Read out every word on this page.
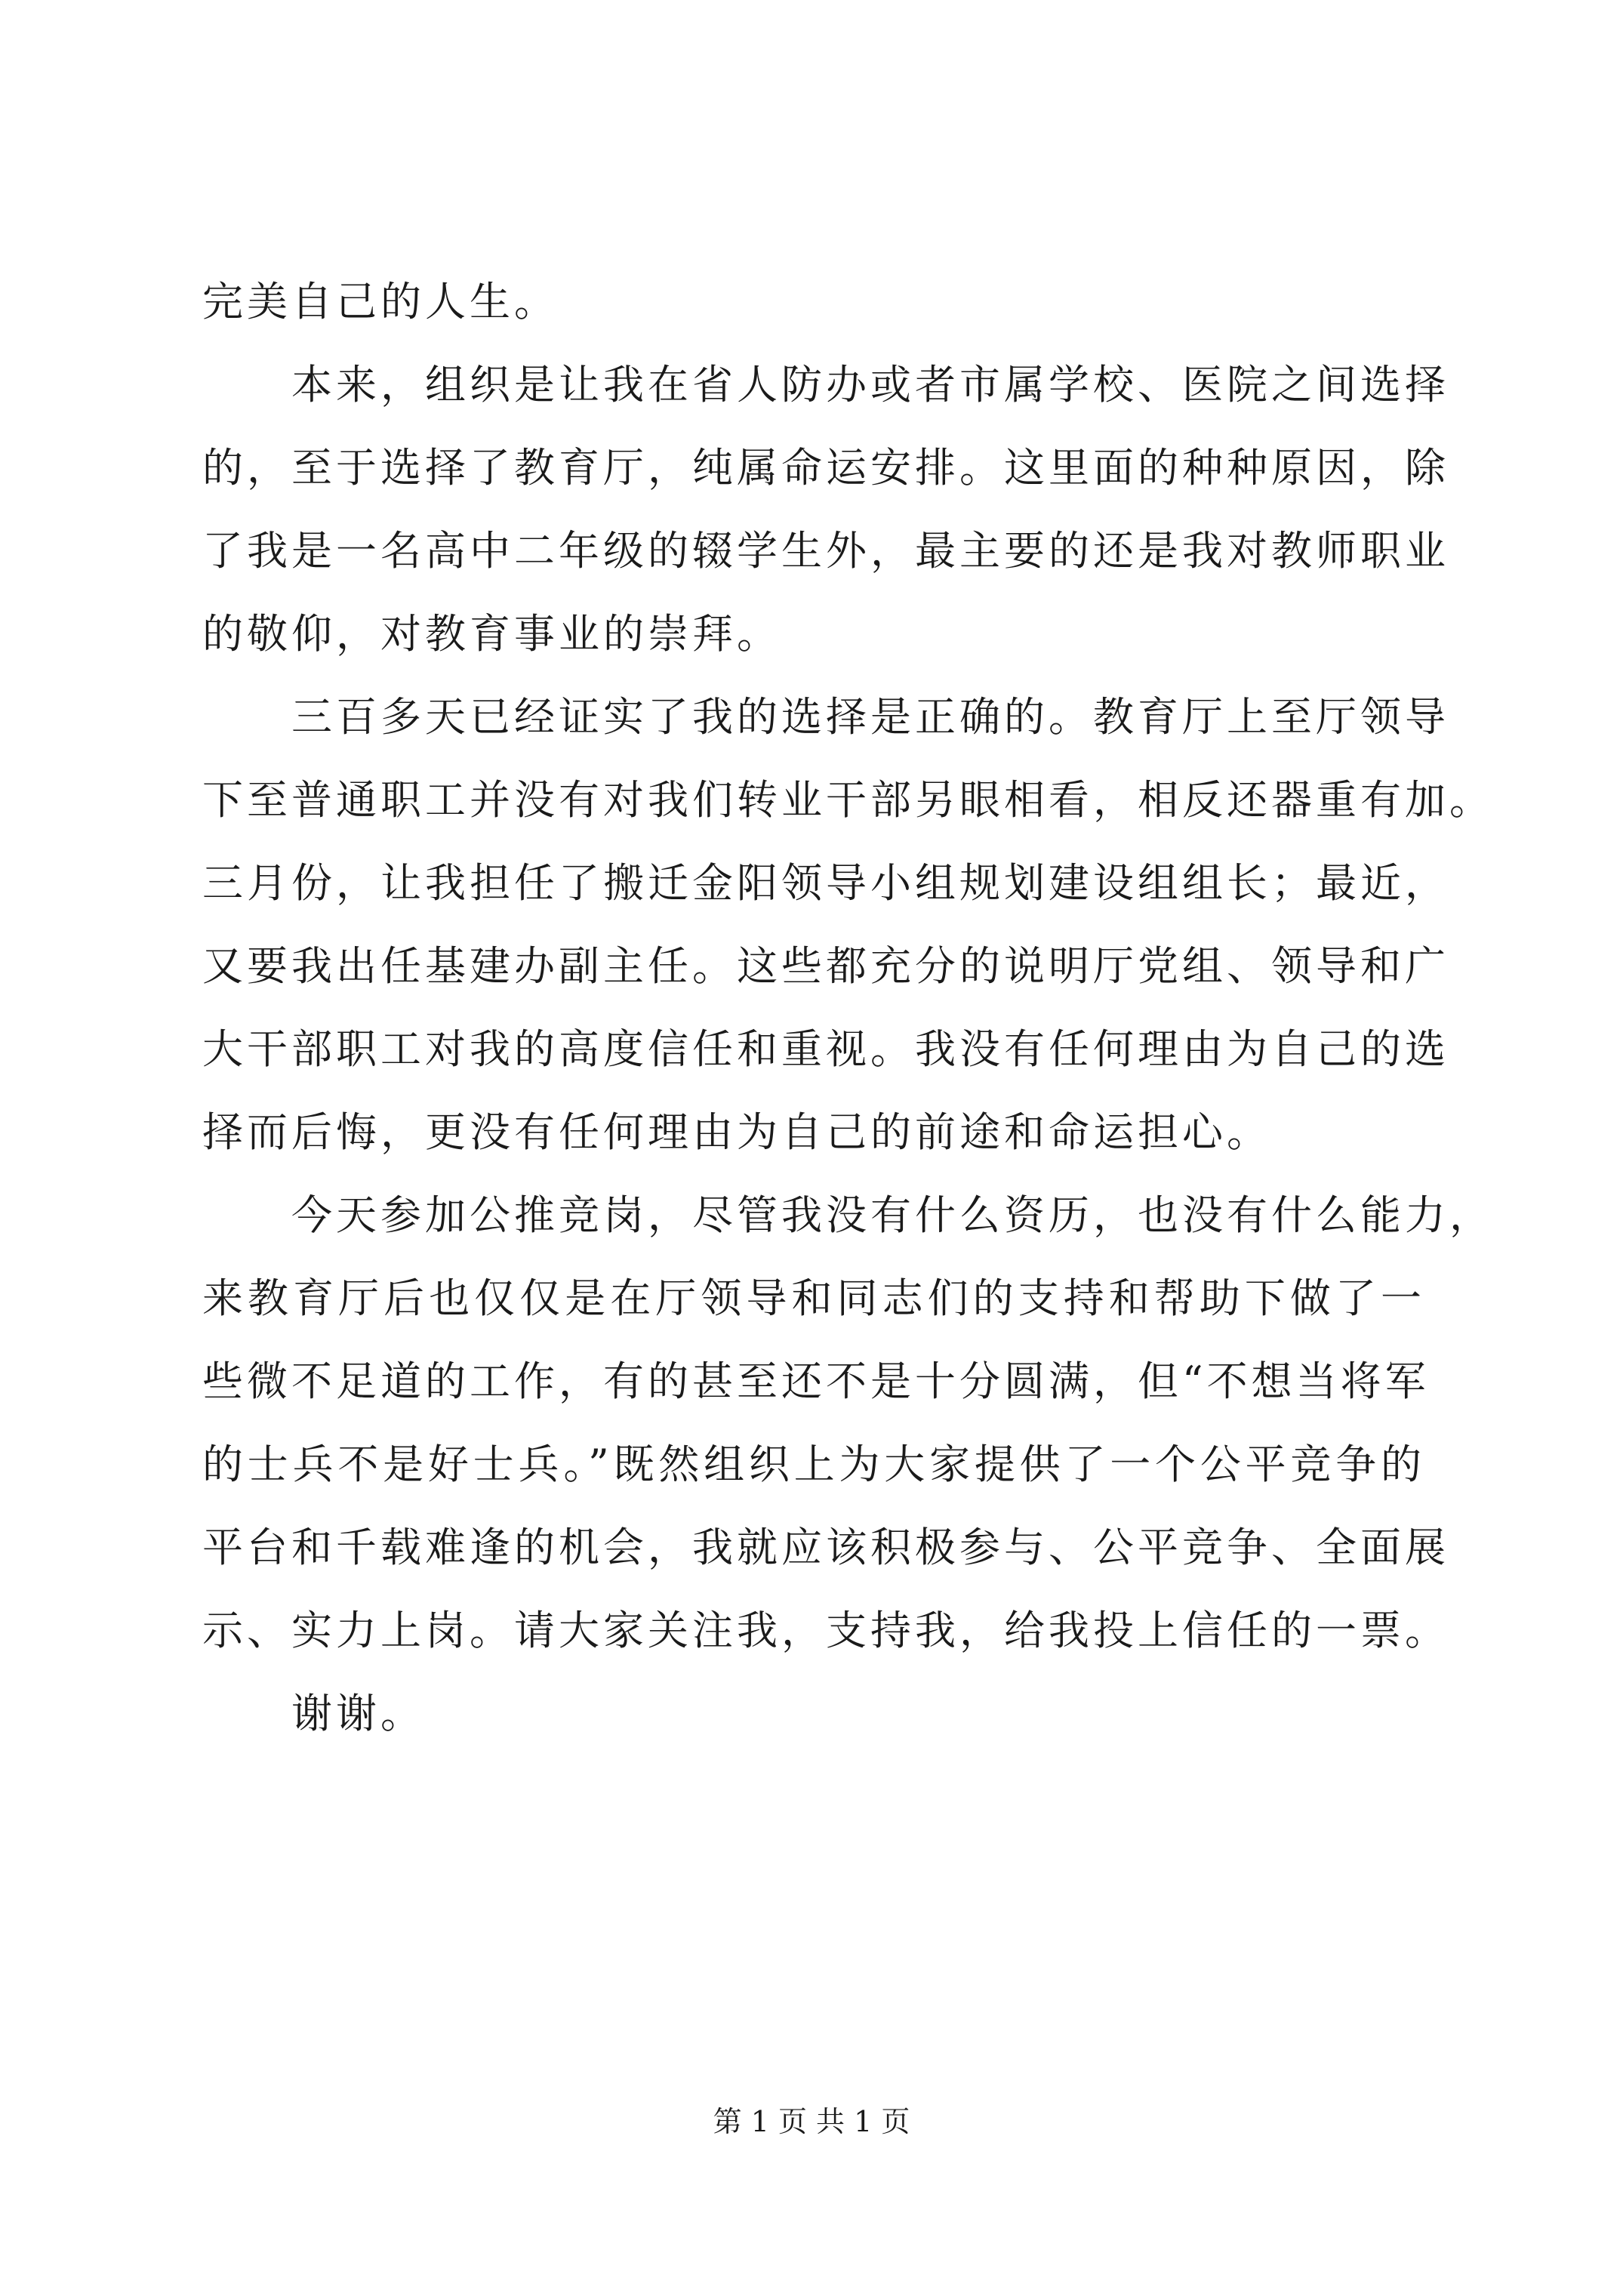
完美自己的人生。
本来，组织是让我在省人防办或者市属学校、医院之间选择
的，至于选择了教育厅，纯属命运安排。这里面的种种原因，除
了我是一名高中二年级的辍学生外，最主要的还是我对教师职业
的敬仰，对教育事业的崇拜。
三百多天已经证实了我的选择是正确的。教育厅上至厅领导
下至普通职工并没有对我们转业干部另眼相看，相反还器重有加。
三月份，让我担任了搬迁金阳领导小组规划建设组组长；最近，
又要我出任基建办副主任。这些都充分的说明厅党组、领导和广
大干部职工对我的高度信任和重视。我没有任何理由为自己的选
择而后悔，更没有任何理由为自己的前途和命运担心。
今天参加公推竞岗，尽管我没有什么资历，也没有什么能力，
来教育厅后也仅仅是在厅领导和同志们的支持和帮助下做了一
些微不足道的工作，有的甚至还不是十分圆满，但“不想当将军
的士兵不是好士兵。”既然组织上为大家提供了一个公平竞争的
平台和千载难逢的机会，我就应该积极参与、公平竞争、全面展
示、实力上岗。请大家关注我，支持我，给我投上信任的一票。
谢谢。
第 1 页 共 1 页
